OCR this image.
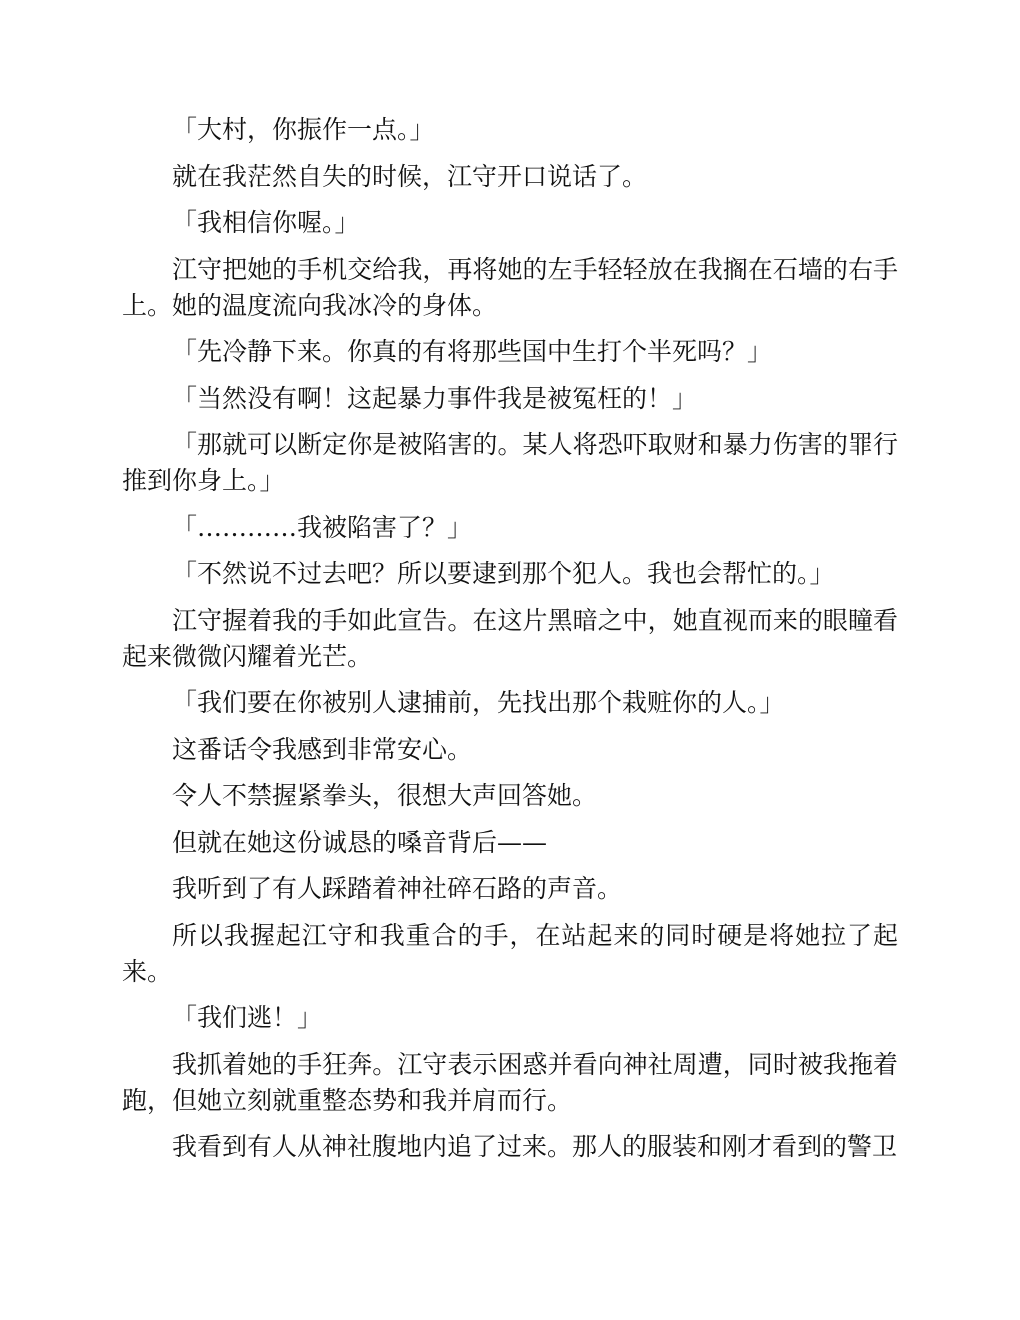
「大村，你振作一点。」

就在我茫然自失的时候，江守开口说话了。

「我相信你喔。」

江守把她的手机交给我，再将她的左手轻轻放在我搁在石墙的右手上。她的温度流向我冰冷的身体。

「先冷静下来。你真的有将那些国中生打个半死吗？」

「当然没有啊！这起暴力事件我是被冤枉的！」

「那就可以断定你是被陷害的。某人将恐吓取财和暴力伤害的罪行推到你身上。」

「…………我被陷害了？」

「不然说不过去吧？所以要逮到那个犯人。我也会帮忙的。」

江守握着我的手如此宣告。在这片黑暗之中，她直视而来的眼瞳看起来微微闪耀着光芒。

「我们要在你被别人逮捕前，先找出那个栽赃你的人。」

这番话令我感到非常安心。

令人不禁握紧拳头，很想大声回答她。

但就在她这份诚恳的嗓音背后——

我听到了有人踩踏着神社碎石路的声音。

所以我握起江守和我重合的手，在站起来的同时硬是将她拉了起来。

「我们逃！」

我抓着她的手狂奔。江守表示困惑并看向神社周遭，同时被我拖着跑，但她立刻就重整态势和我并肩而行。

我看到有人从神社腹地内追了过来。那人的服装和刚才看到的警卫
